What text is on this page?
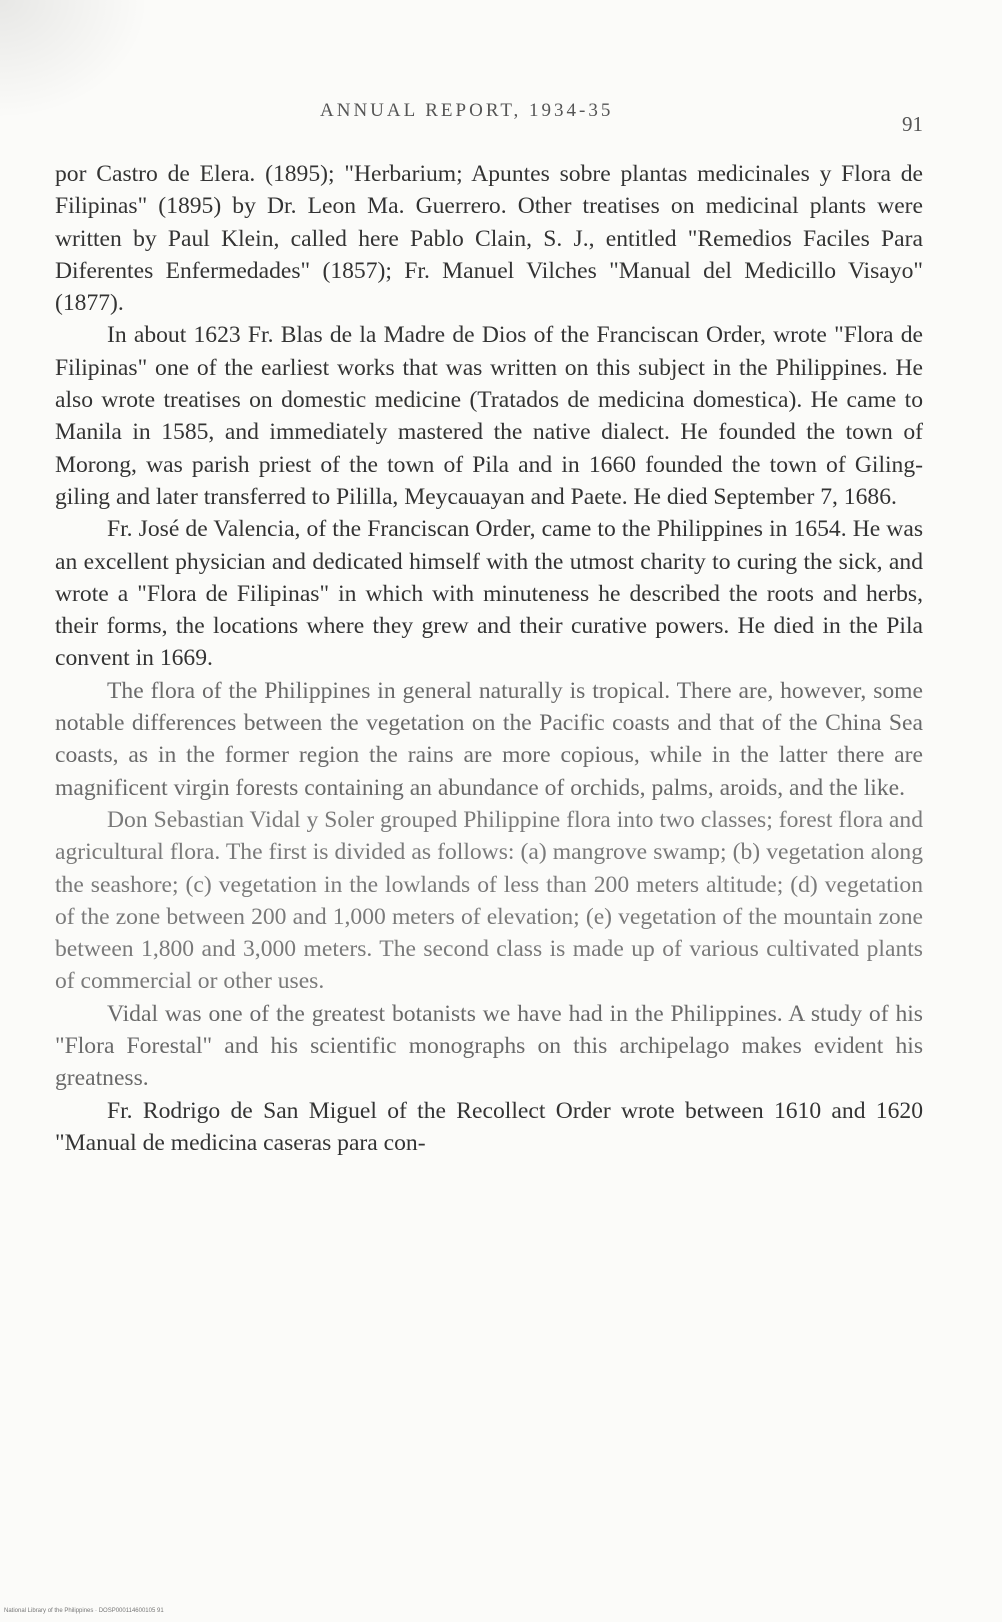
ANNUAL REPORT, 1934-35
91

por Castro de Elera. (1895); "Herbarium; Apuntes sobre plantas medicinales y Flora de Filipinas" (1895) by Dr. Leon Ma. Guerrero. Other treatises on medicinal plants were written by Paul Klein, called here Pablo Clain, S. J., entitled "Remedios Faciles Para Diferentes Enfermedades" (1857); Fr. Manuel Vilches "Manual del Medicillo Visayo" (1877).

In about 1623 Fr. Blas de la Madre de Dios of the Franciscan Order, wrote "Flora de Filipinas" one of the earliest works that was written on this subject in the Philippines. He also wrote treatises on domestic medicine (Tratados de medicina domestica). He came to Manila in 1585, and immediately mastered the native dialect. He founded the town of Morong, was parish priest of the town of Pila and in 1660 founded the town of Giling-giling and later transferred to Pililla, Meycauayan and Paete. He died September 7, 1686.

Fr. José de Valencia, of the Franciscan Order, came to the Philippines in 1654. He was an excellent physician and dedicated himself with the utmost charity to curing the sick, and wrote a "Flora de Filipinas" in which with minuteness he described the roots and herbs, their forms, the locations where they grew and their curative powers. He died in the Pila convent in 1669.

The flora of the Philippines in general naturally is tropical. There are, however, some notable differences between the vegetation on the Pacific coasts and that of the China Sea coasts, as in the former region the rains are more copious, while in the latter there are magnificent virgin forests containing an abundance of orchids, palms, aroids, and the like.

Don Sebastian Vidal y Soler grouped Philippine flora into two classes; forest flora and agricultural flora. The first is divided as follows: (a) mangrove swamp; (b) vegetation along the seashore; (c) vegetation in the lowlands of less than 200 meters altitude; (d) vegetation of the zone between 200 and 1,000 meters of elevation; (e) vegetation of the mountain zone between 1,800 and 3,000 meters. The second class is made up of various cultivated plants of commercial or other uses.

Vidal was one of the greatest botanists we have had in the Philippines. A study of his "Flora Forestal" and his scientific monographs on this archipelago makes evident his greatness.

Fr. Rodrigo de San Miguel of the Recollect Order wrote between 1610 and 1620 "Manual de medicina caseras para con-

National Library of the Philippines · DOSP000114600105 91
